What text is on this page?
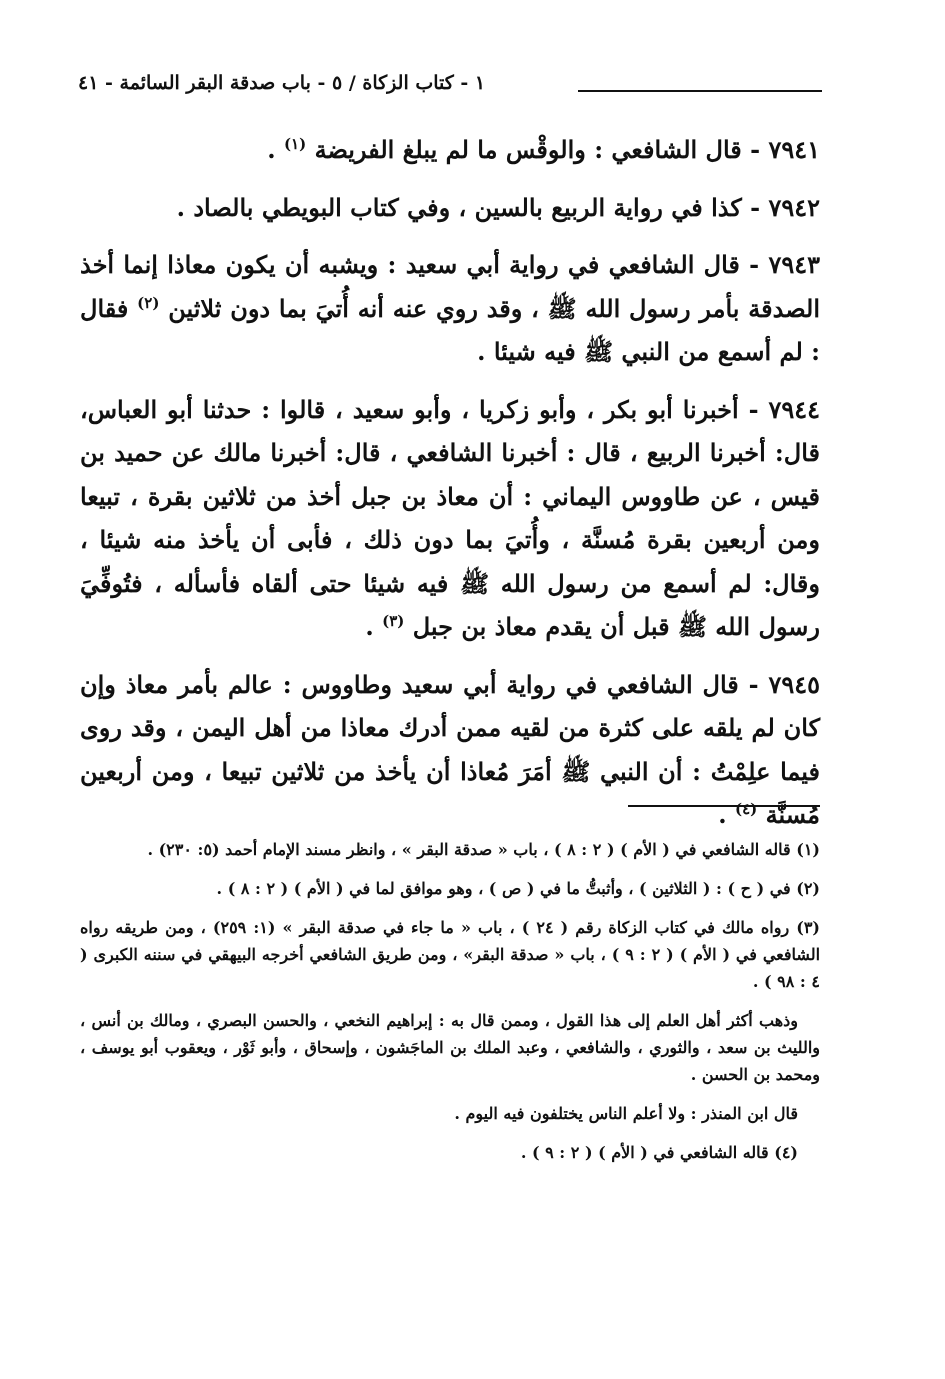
١ - كتاب الزكاة / ٥ - باب صدقة البقر السائمة - ٤١

٧٩٤١ - قال الشافعي : والوقْس ما لم يبلغ الفريضة $^{(١)}$ .

٧٩٤٢ - كذا في رواية الربيع بالسين ، وفي كتاب البويطي بالصاد .

٧٩٤٣ - قال الشافعي في رواية أبي سعيد : ويشبه أن يكون معاذا إنما أخذ الصدقة بأمر رسول الله ﷺ ، وقد روي عنه أنه أُتيَ بما دون ثلاثين $^{(٢)}$ فقال : لم أسمع من النبي ﷺ فيه شيئا .

٧٩٤٤ - أخبرنا أبو بكر ، وأبو زكريا ، وأبو سعيد ، قالوا : حدثنا أبو العباس، قال: أخبرنا الربيع ، قال : أخبرنا الشافعي ، قال: أخبرنا مالك عن حميد بن قيس ، عن طاووس اليماني : أن معاذ بن جبل أخذ من ثلاثين بقرة ، تبيعا ومن أربعين بقرة مُسنَّة ، وأُتيَ بما دون ذلك ، فأبى أن يأخذ منه شيئا ، وقال: لم أسمع من رسول الله ﷺ فيه شيئا حتى ألقاه فأسأله ، فتُوفِّيَ رسول الله ﷺ قبل أن يقدم معاذ بن جبل $^{(٣)}$ .

٧٩٤٥ - قال الشافعي في رواية أبي سعيد وطاووس : عالم بأمر معاذ وإن كان لم يلقه على كثرة من لقيه ممن أدرك معاذا من أهل اليمن ، وقد روى فيما علِمْتُ : أن النبي ﷺ أمَرَ مُعاذا أن يأخذ من ثلاثين تبيعا ، ومن أربعين مُسنَّة $^{(٤)}$ .

(١) قاله الشافعي في ( الأم ) ( ٢ : ٨ ) ، باب « صدقة البقر » ، وانظر مسند الإمام أحمد (٥: ٢٣٠) .

(٢) في ( ح ) : ( الثلاثين ) ، وأثبتُّ ما في ( ص ) ، وهو موافق لما في ( الأم ) ( ٢ : ٨ ) .

(٣) رواه مالك في كتاب الزكاة رقم ( ٢٤ ) ، باب « ما جاء في صدقة البقر » (١: ٢٥٩) ، ومن طريقه رواه الشافعي في ( الأم ) ( ٢ : ٩ ) ، باب « صدقة البقر» ، ومن طريق الشافعي أخرجه البيهقي في سننه الكبرى ( ٤ : ٩٨ ) .

وذهب أكثر أهل العلم إلى هذا القول ، وممن قال به : إبراهيم النخعي ، والحسن البصري ، ومالك بن أنس ، والليث بن سعد ، والثوري ، والشافعي ، وعبد الملك بن الماجَشون ، وإسحاق ، وأبو ثَوْر ، ويعقوب أبو يوسف ، ومحمد بن الحسن .

قال ابن المنذر : ولا أعلم الناس يختلفون فيه اليوم .

(٤) قاله الشافعي في ( الأم ) ( ٢ : ٩ ) .
